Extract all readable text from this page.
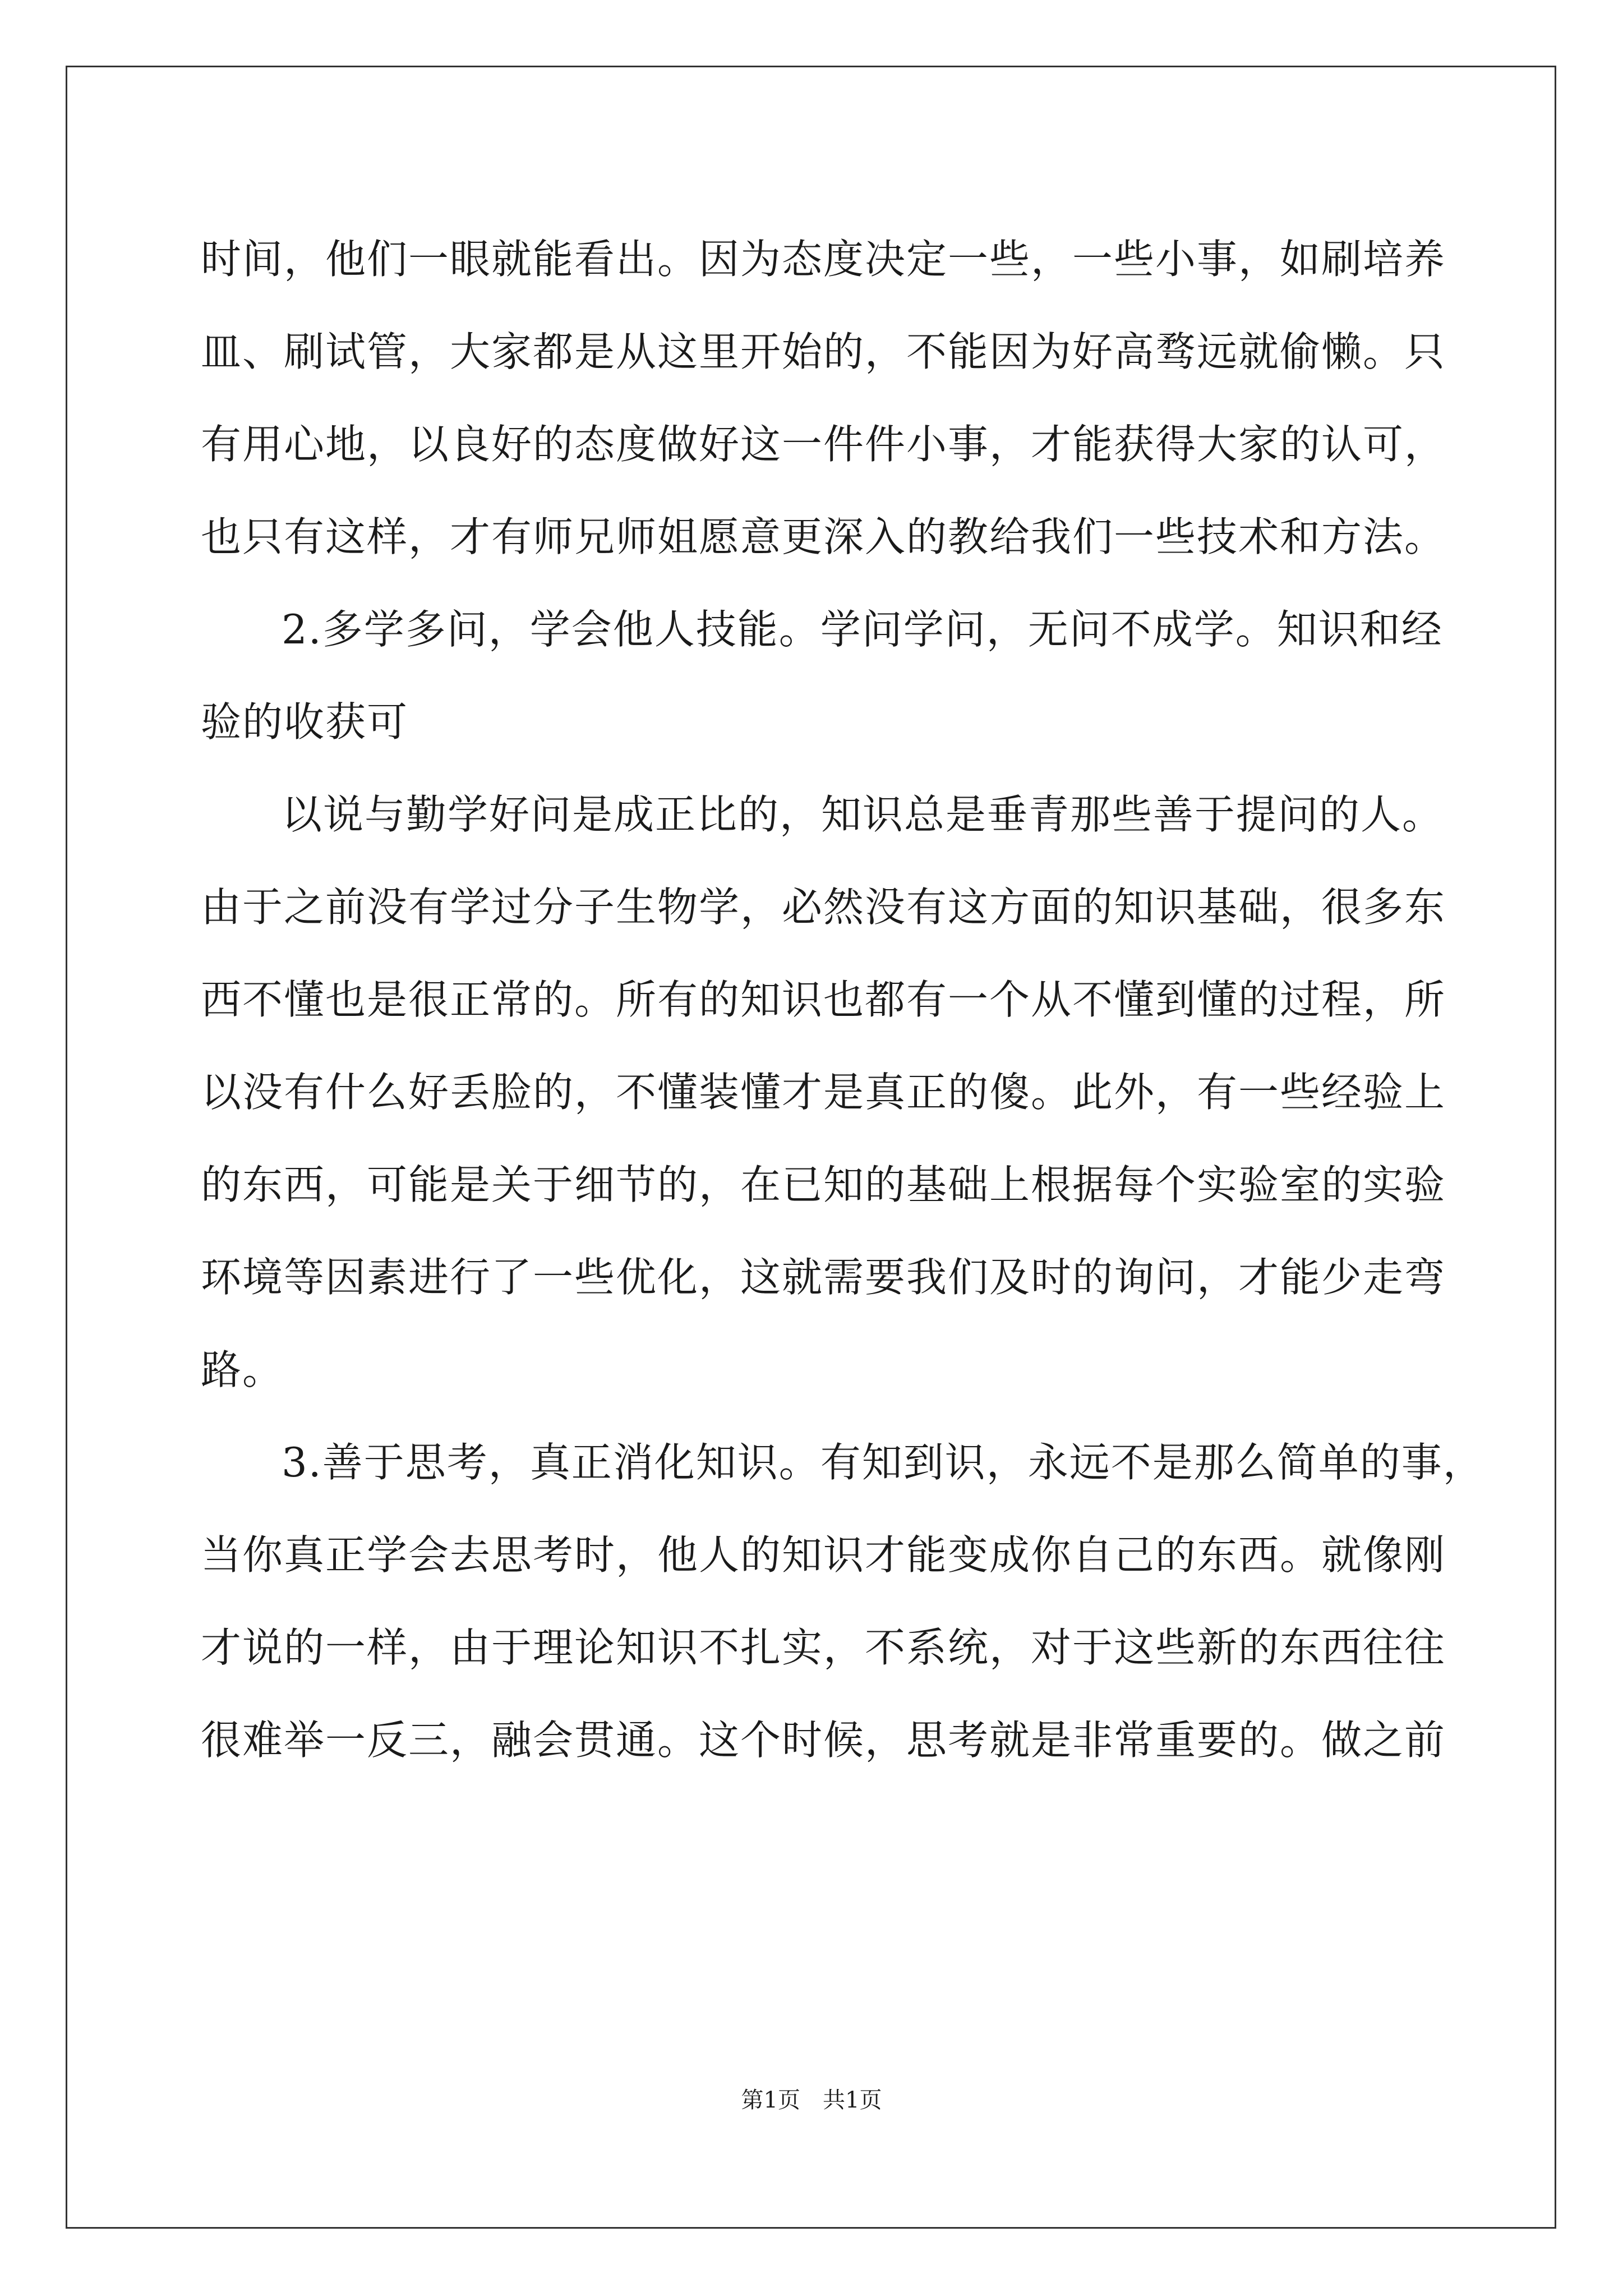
时间，他们一眼就能看出。因为态度决定一些，一些小事，如刷培养
皿、刷试管，大家都是从这里开始的，不能因为好高骛远就偷懒。只
有用心地，以良好的态度做好这一件件小事，才能获得大家的认可，
也只有这样，才有师兄师姐愿意更深入的教给我们一些技术和方法。
2.多学多问，学会他人技能。学问学问，无问不成学。知识和经
验的收获可
以说与勤学好问是成正比的，知识总是垂青那些善于提问的人。
由于之前没有学过分子生物学，必然没有这方面的知识基础，很多东
西不懂也是很正常的。所有的知识也都有一个从不懂到懂的过程，所
以没有什么好丢脸的，不懂装懂才是真正的傻。此外，有一些经验上
的东西，可能是关于细节的，在已知的基础上根据每个实验室的实验
环境等因素进行了一些优化，这就需要我们及时的询问，才能少走弯
路。
3.善于思考，真正消化知识。有知到识，永远不是那么简单的事，
当你真正学会去思考时，他人的知识才能变成你自己的东西。就像刚
才说的一样，由于理论知识不扎实，不系统，对于这些新的东西往往
很难举一反三，融会贯通。这个时候，思考就是非常重要的。做之前
第1页 共1页
